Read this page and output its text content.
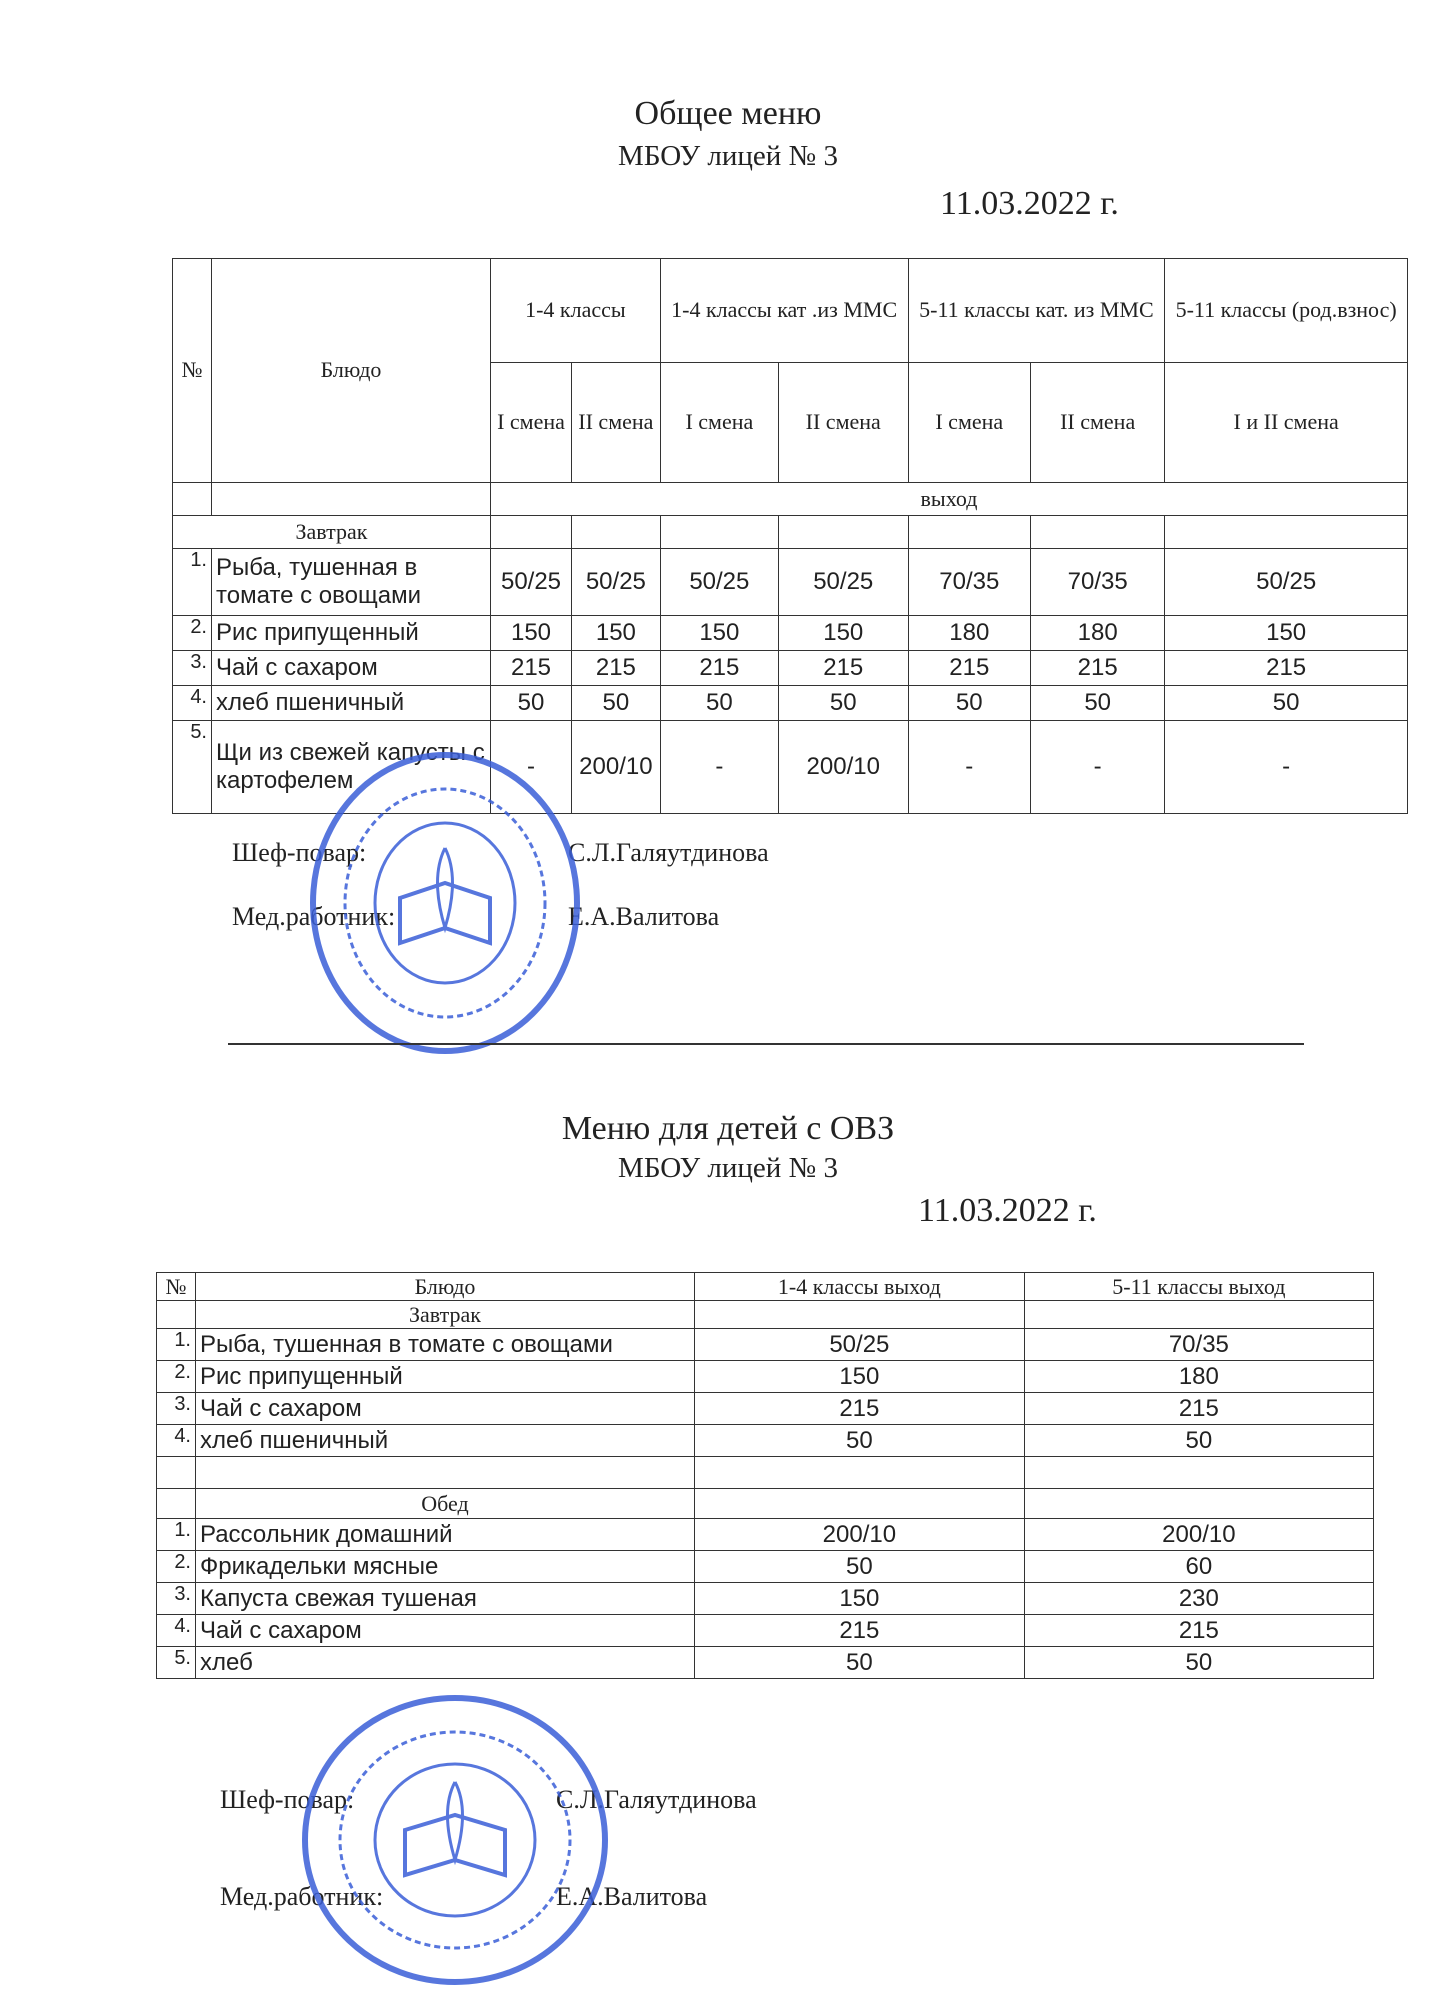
Общее меню
МБОУ лицей № 3
11.03.2022 г.
№	Блюдо	1-4 классы		1-4 классы кат .из ММС		5-11 классы кат. из ММС		5-11 классы (род.взнос)
		I смена	II смена	I смена	II смена	I смена	II смена	I и II смена
		выход						
Завтрак								
1.	Рыба, тушенная в томате с овощами	50/25	50/25	50/25	50/25	70/35	70/35	50/25
2.	Рис припущенный	150	150	150	150	180	180	150
3.	Чай с сахаром	215	215	215	215	215	215	215
4.	хлеб пшеничный	50	50	50	50	50	50	50
5.	Щи из свежей капусты с картофелем	-	200/10	-	200/10	-	-	-
Шеф-повар:	С.Л.Галяутдинова
Мед.работник:	Е.А.Валитова
Меню для детей с ОВЗ
МБОУ лицей № 3
11.03.2022 г.
№	Блюдо	1-4 классы выход	5-11 классы выход
	Завтрак		
1.	Рыба, тушенная в томате с овощами	50/25	70/35
2.	Рис припущенный	150	180
3.	Чай с сахаром	215	215
4.	хлеб пшеничный	50	50

	Обед		
1.	Рассольник домашний	200/10	200/10
2.	Фрикадельки мясные	50	60
3.	Капуста свежая тушеная	150	230
4.	Чай с сахаром	215	215
5.	хлеб	50	50
Шеф-повар:	С.Л.Галяутдинова
Мед.работник:	Е.А.Валитова
